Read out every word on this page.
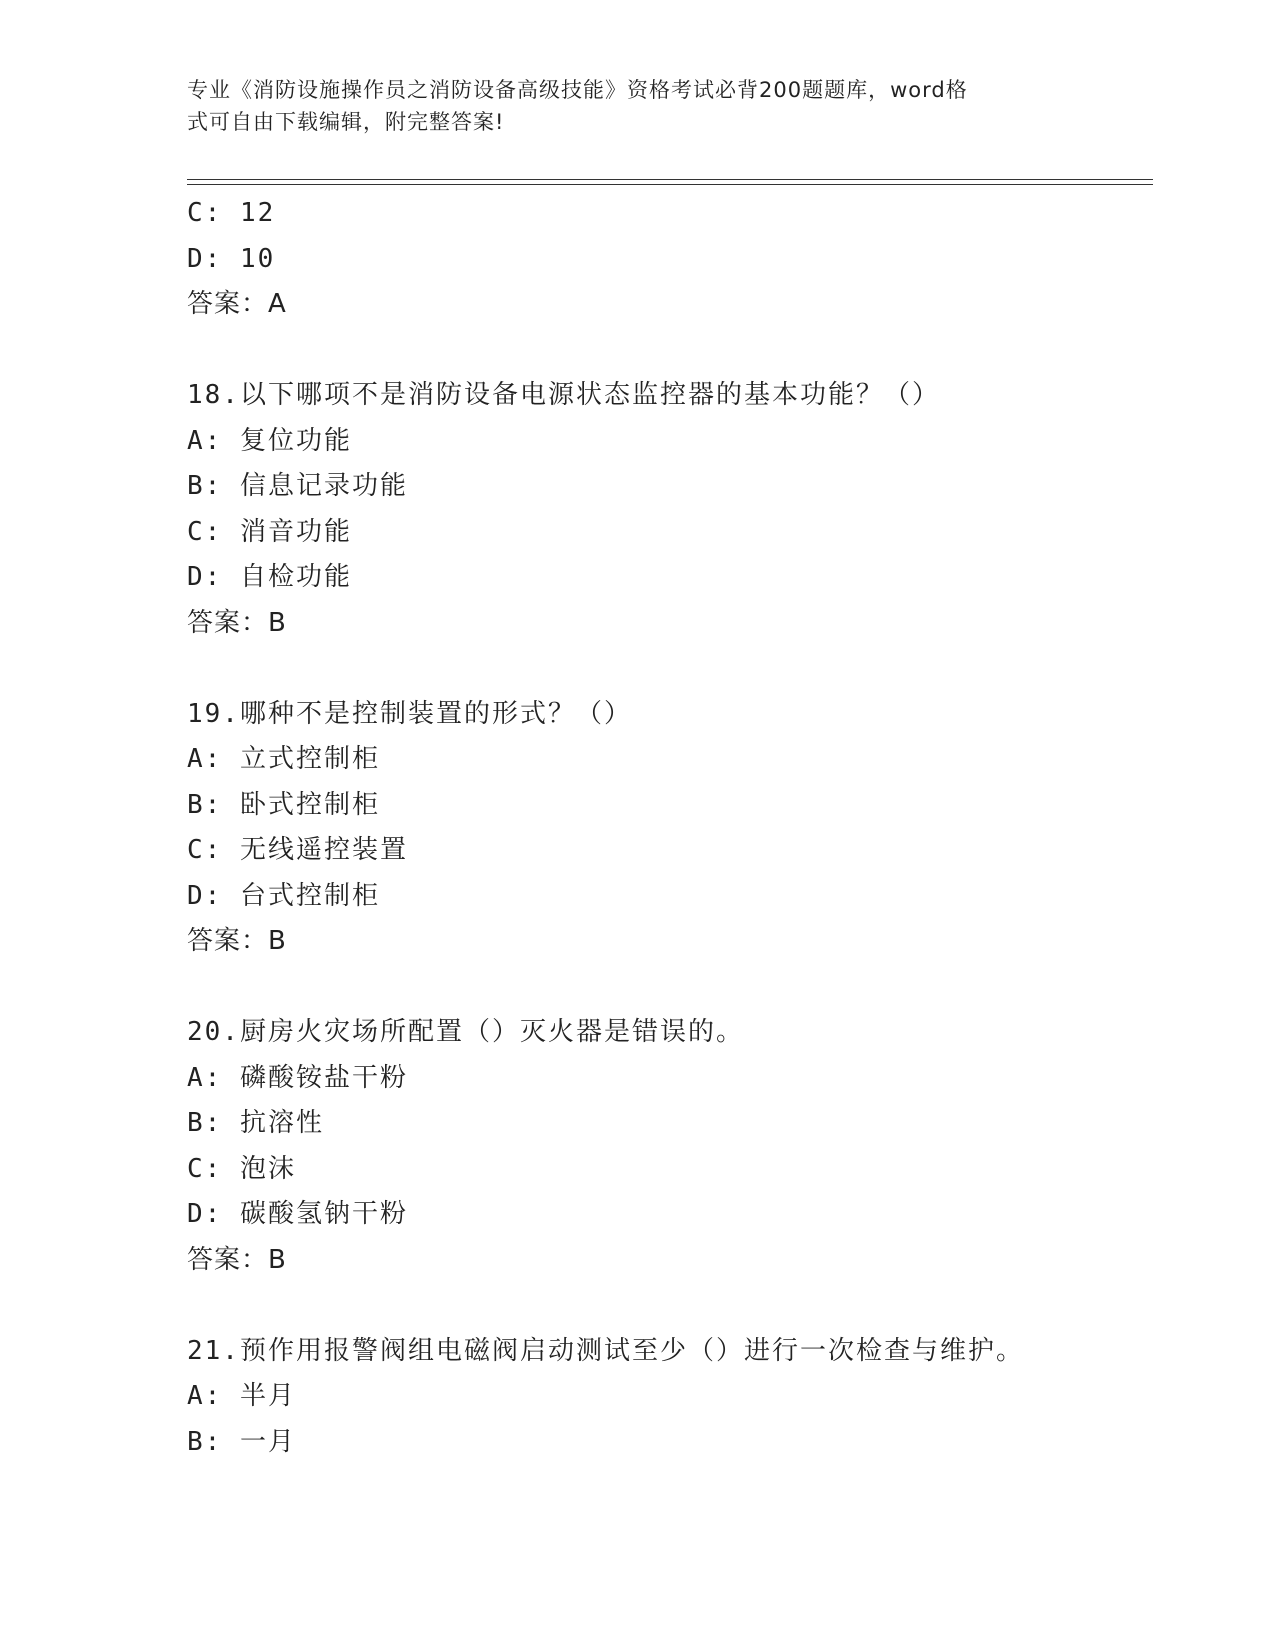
专业《消防设施操作员之消防设备高级技能》资格考试必背200题题库，word格
式可自由下载编辑，附完整答案!
C: 12
D: 10
答案：A
18.以下哪项不是消防设备电源状态监控器的基本功能？（）
A: 复位功能
B: 信息记录功能
C: 消音功能
D: 自检功能
答案：B
19.哪种不是控制装置的形式？（）
A: 立式控制柜
B: 卧式控制柜
C: 无线遥控装置
D: 台式控制柜
答案：B
20.厨房火灾场所配置（）灭火器是错误的。
A: 磷酸铵盐干粉
B: 抗溶性
C: 泡沫
D: 碳酸氢钠干粉
答案：B
21.预作用报警阀组电磁阀启动测试至少（）进行一次检查与维护。
A: 半月
B: 一月
